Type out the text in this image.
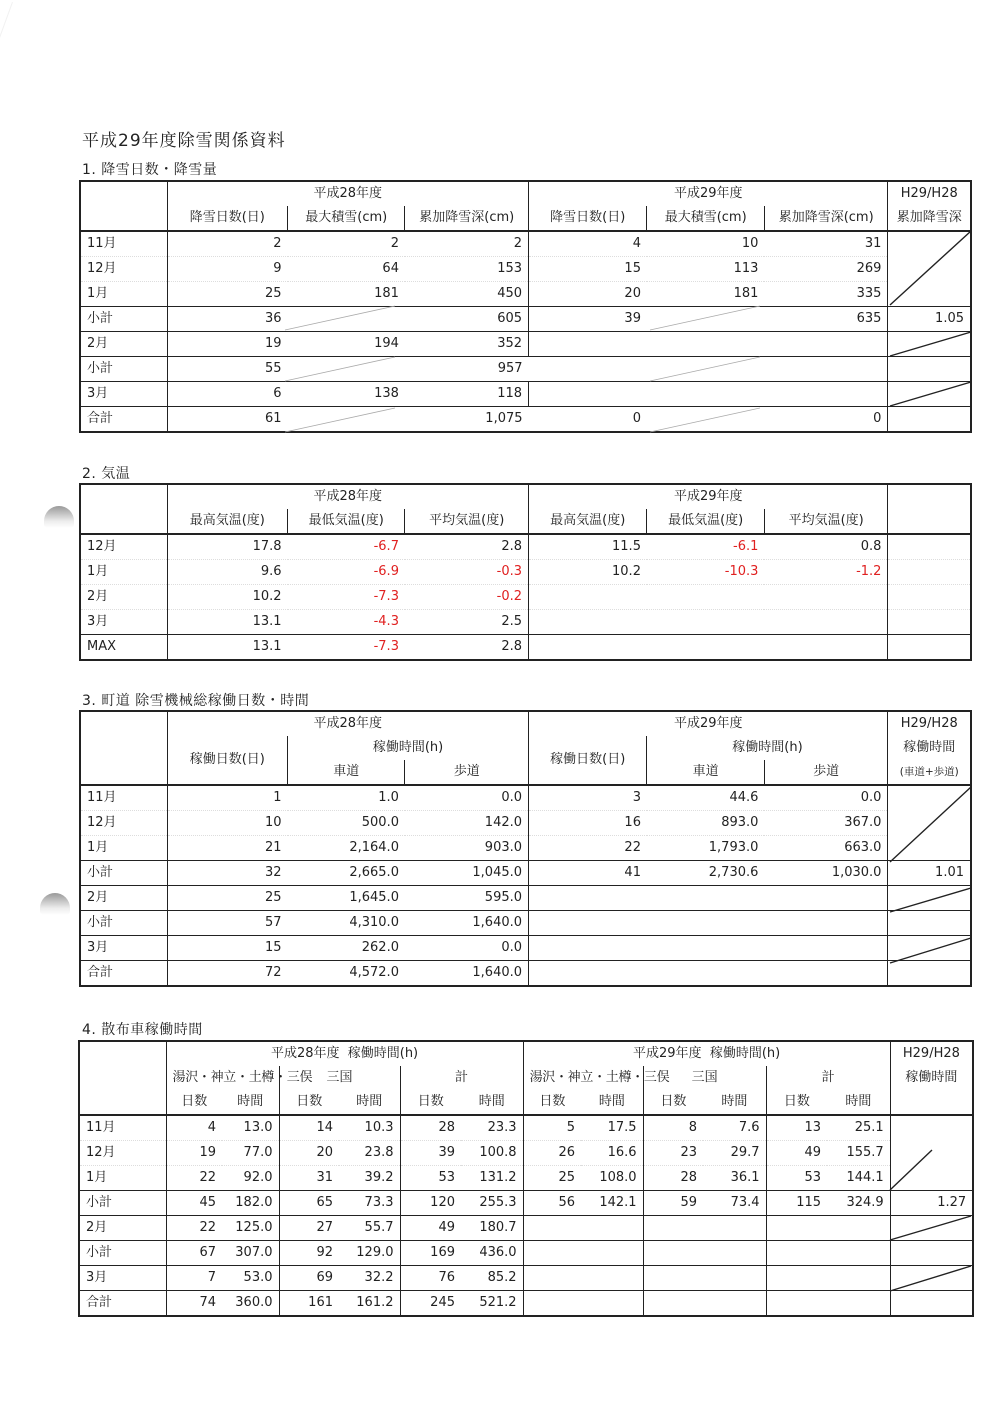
平成29年度除雪関係資料
1. 降雪日数・降雪量
	平成28年度			平成29年度			H29/H28
	降雪日数(日)	最大積雪(cm)	累加降雪深(cm)	降雪日数(日)	最大積雪(cm)	累加降雪深(cm)	累加降雪深
11月	2	2	2	4	10	31	
12月	9	64	153	15	113	269	
1月	25	181	450	20	181	335	
小計	36		605	39		635	1.05
2月	19	194	352				
小計	55		957				
3月	6	138	118				
合計	61		1,075	0		0	
2. 気温
	平成28年度			平成29年度			
	最高気温(度)	最低気温(度)	平均気温(度)	最高気温(度)	最低気温(度)	平均気温(度)	
12月	17.8	-6.7	2.8	11.5	-6.1	0.8	
1月	9.6	-6.9	-0.3	10.2	-10.3	-1.2	
2月	10.2	-7.3	-0.2				
3月	13.1	-4.3	2.5				
MAX	13.1	-7.3	2.8				
3. 町道 除雪機械総稼働日数・時間
	平成28年度			平成29年度			H29/H28
	稼働日数(日)	稼働時間(h)		稼働日数(日)	稼働時間(h)		稼働時間
		車道	歩道		車道	歩道	(車道+歩道)
11月	1	1.0	0.0	3	44.6	0.0	
12月	10	500.0	142.0	16	893.0	367.0	
1月	21	2,164.0	903.0	22	1,793.0	663.0	
小計	32	2,665.0	1,045.0	41	2,730.6	1,030.0	1.01
2月	25	1,645.0	595.0				
小計	57	4,310.0	1,640.0				
3月	15	262.0	0.0				
合計	72	4,572.0	1,640.0				
4. 散布車稼働時間
	平成28年度  稼働時間(h)						平成29年度  稼働時間(h)						H29/H28
	湯沢・神立・土樽・三俣		三国		計		湯沢・神立・土樽・三俣		三国		計		稼働時間
	日数	時間	日数	時間	日数	時間	日数	時間	日数	時間	日数	時間	
11月	4	13.0	14	10.3	28	23.3	5	17.5	8	7.6	13	25.1	
12月	19	77.0	20	23.8	39	100.8	26	16.6	23	29.7	49	155.7	
1月	22	92.0	31	39.2	53	131.2	25	108.0	28	36.1	53	144.1	
小計	45	182.0	65	73.3	120	255.3	56	142.1	59	73.4	115	324.9	1.27
2月	22	125.0	27	55.7	49	180.7							
小計	67	307.0	92	129.0	169	436.0							
3月	7	53.0	69	32.2	76	85.2							
合計	74	360.0	161	161.2	245	521.2							
